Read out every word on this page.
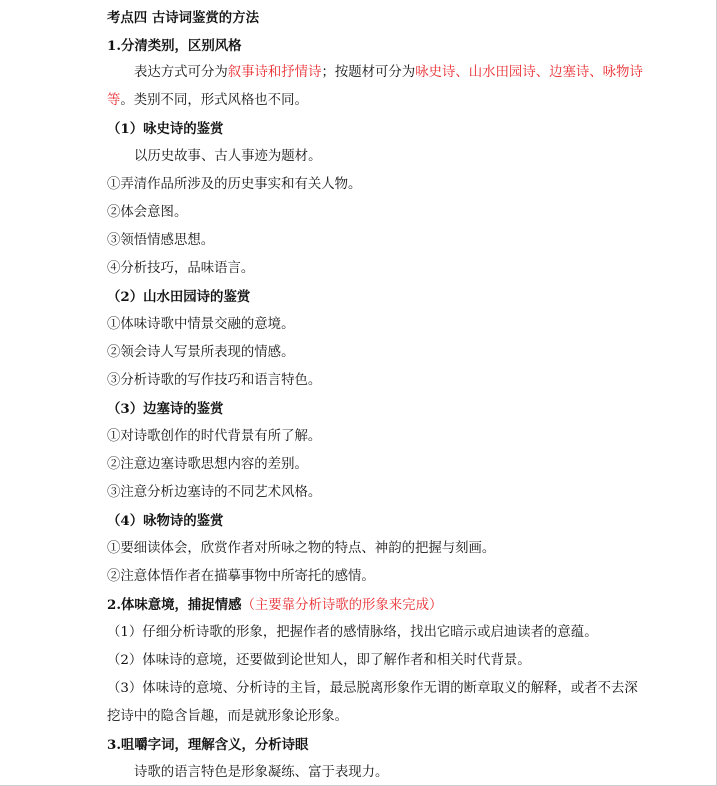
考点四 古诗词鉴赏的方法
1.分清类别，区别风格
表达方式可分为叙事诗和抒情诗；按题材可分为咏史诗、山水田园诗、边塞诗、咏物诗
等。类别不同，形式风格也不同。
（1）咏史诗的鉴赏
以历史故事、古人事迹为题材。
①弄清作品所涉及的历史事实和有关人物。
②体会意图。
③领悟情感思想。
④分析技巧，品味语言。
（2）山水田园诗的鉴赏
①体味诗歌中情景交融的意境。
②领会诗人写景所表现的情感。
③分析诗歌的写作技巧和语言特色。
（3）边塞诗的鉴赏
①对诗歌创作的时代背景有所了解。
②注意边塞诗歌思想内容的差别。
③注意分析边塞诗的不同艺术风格。
（4）咏物诗的鉴赏
①要细读体会，欣赏作者对所咏之物的特点、神韵的把握与刻画。
②注意体悟作者在描摹事物中所寄托的感情。
2.体味意境，捕捉情感（主要靠分析诗歌的形象来完成）
（1）仔细分析诗歌的形象，把握作者的感情脉络，找出它暗示或启迪读者的意蕴。
（2）体味诗的意境，还要做到论世知人，即了解作者和相关时代背景。
（3）体味诗的意境、分析诗的主旨，最忌脱离形象作无谓的断章取义的解释，或者不去深
挖诗中的隐含旨趣，而是就形象论形象。
3.咀嚼字词，理解含义，分析诗眼
诗歌的语言特色是形象凝练、富于表现力。
